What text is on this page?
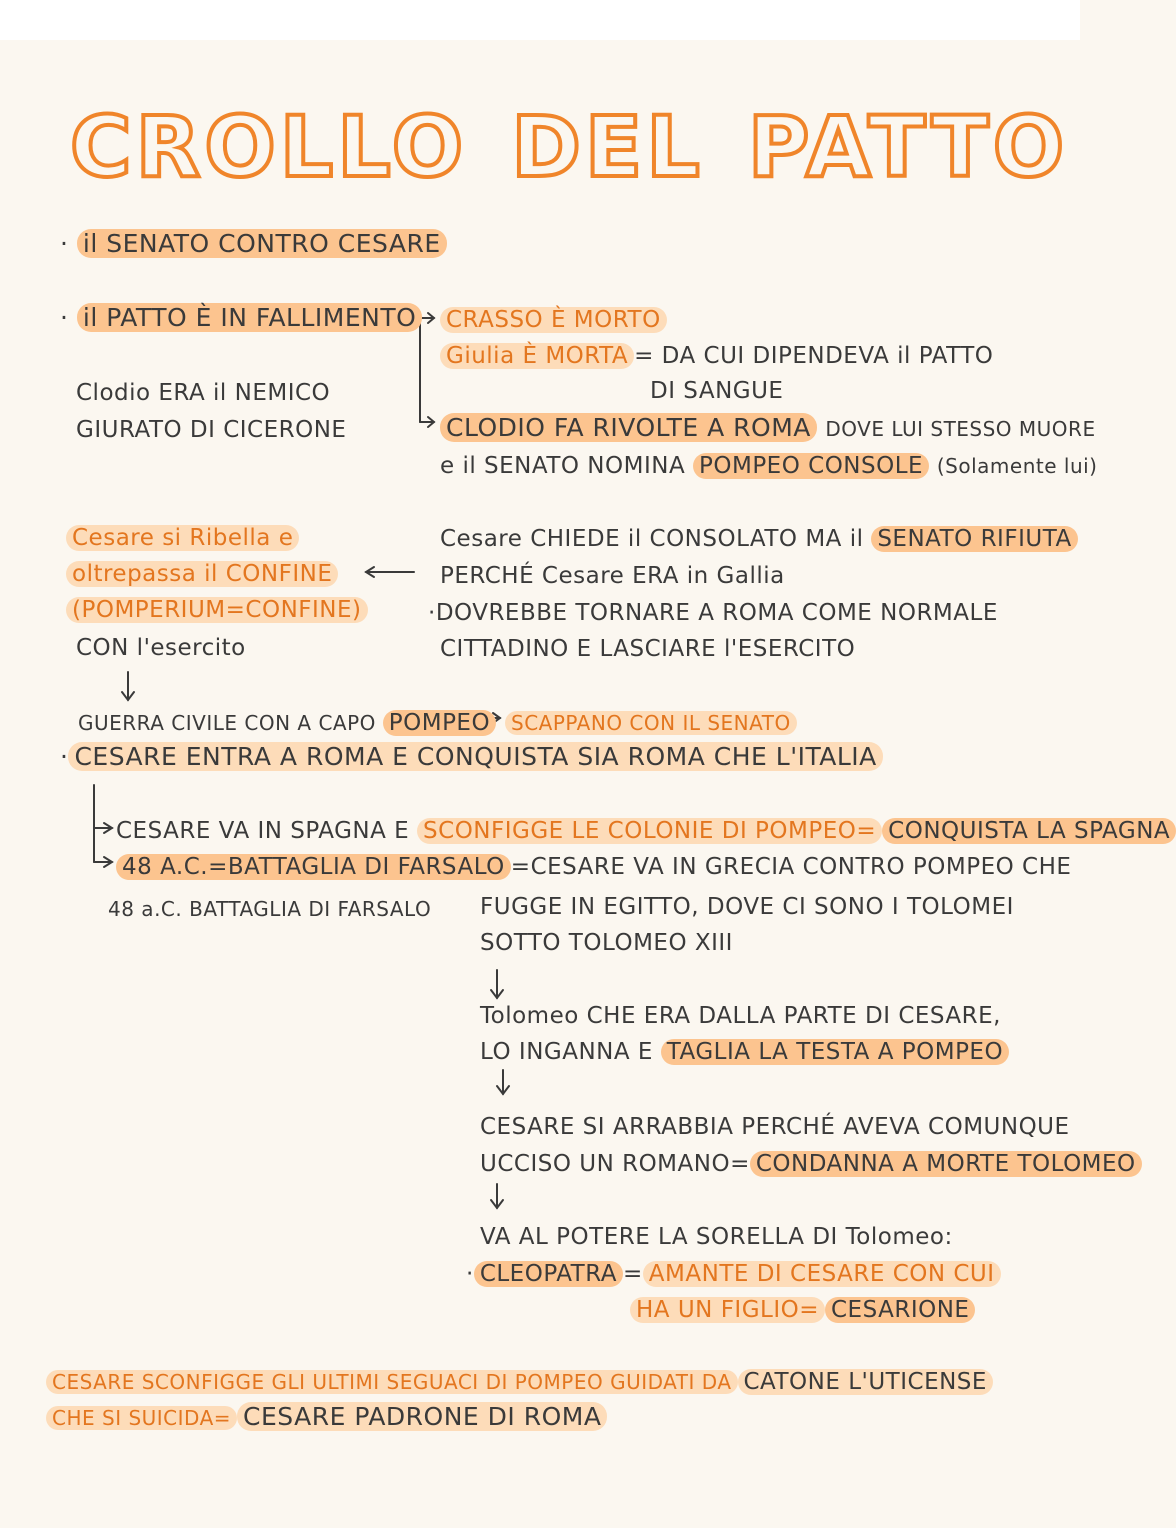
CROLLO DEL PATTO
· il SENATO CONTRO CESARE
· il PATTO È IN FALLIMENTO CRASSO È MORTO
Giulia È MORTA = DA CUI DIPENDEVA il PATTO
DI SANGUE
Clodio ERA il NEMICO
GIURATO DI CICERONE	CLODIO FA RIVOLTE A ROMA DOVE LUI STESSO MUORE
e il SENATO NOMINA POMPEO CONSOLE (Solamente lui)
Cesare si Ribella e
oltrepassa il CONFINE
(POMPERIUM=CONFINE)
CON l'esercito
Cesare CHIEDE il CONSOLATO MA il SENATO RIFIUTA
PERCHÉ Cesare ERA in Gallia
·DOVREBBE TORNARE A ROMA COME NORMALE
CITTADINO E LASCIARE l'ESERCITO
GUERRA CIVILE CON A CAPO POMPEO	SCAPPANO CON IL SENATO
· CESARE ENTRA A ROMA E CONQUISTA SIA ROMA CHE L'ITALIA
CESARE VA IN SPAGNA E SCONFIGGE LE COLONIE DI POMPEO= CONQUISTA LA SPAGNA
48 A.C.=BATTAGLIA DI FARSALO =CESARE VA IN GRECIA CONTRO POMPEO CHE
48 a.C. BATTAGLIA DI FARSALO FUGGE IN EGITTO, DOVE CI SONO I TOLOMEI
SOTTO TOLOMEO XIII
Tolomeo CHE ERA DALLA PARTE DI CESARE,
LO INGANNA E TAGLIA LA TESTA A POMPEO
CESARE SI ARRABBIA PERCHÉ AVEVA COMUNQUE
UCCISO UN ROMANO= CONDANNA A MORTE TOLOMEO
VA AL POTERE LA SORELLA DI Tolomeo:
· CLEOPATRA = AMANTE DI CESARE CON CUI
HA UN FIGLIO= CESARIONE
CESARE SCONFIGGE GLI ULTIMI SEGUACI DI POMPEO GUIDATI DA CATONE L'UTICENSE
CHE SI SUICIDA= CESARE PADRONE DI ROMA
